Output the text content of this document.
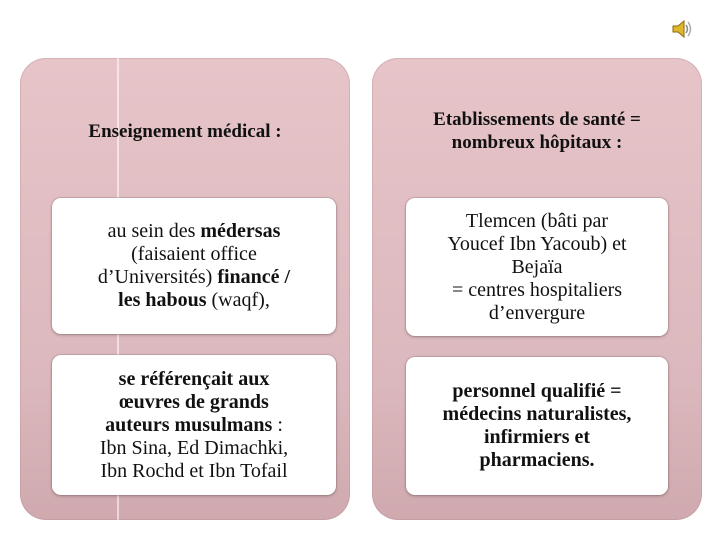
Enseignement médical :
au sein des médersas
(faisaient office
d’Universités) financé /
les habous (waqf),
se référençait aux
œuvres de grands
auteurs musulmans :
Ibn Sina, Ed Dimachki,
Ibn Rochd et Ibn Tofail
Etablissements de santé =
nombreux hôpitaux :
Tlemcen (bâti par
Youcef Ibn Yacoub) et
Bejaïa
= centres hospitaliers
d’envergure
personnel qualifié =
médecins naturalistes,
infirmiers et
pharmaciens.
